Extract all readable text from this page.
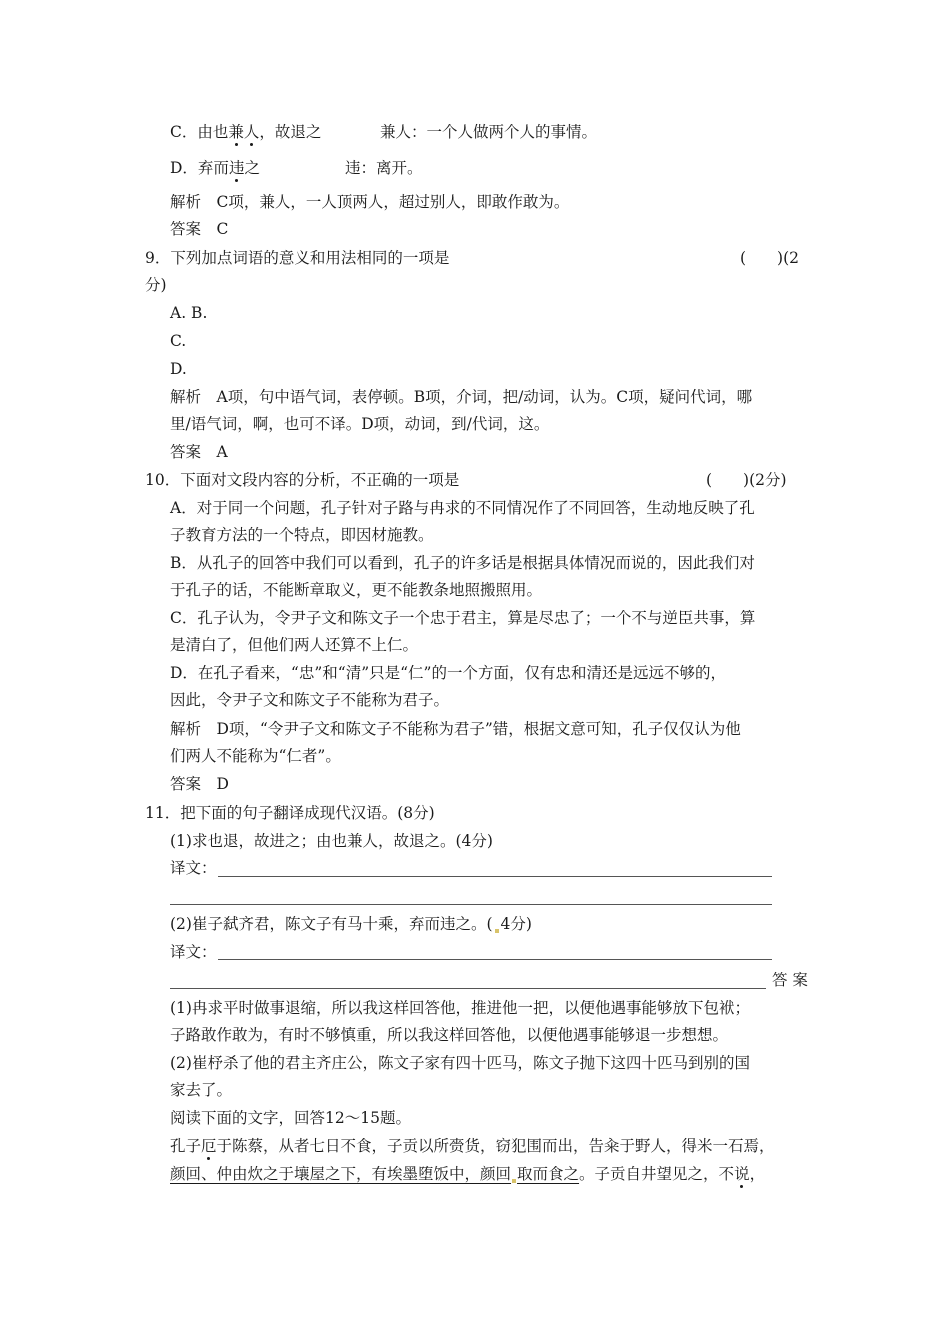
C．由也兼人，故退之	兼人：一个人做两个人的事情。
D．弃而违之	违：离开。
解析　C项，兼人，一人顶两人，超过别人，即敢作敢为。
答案　C
9．下列加点词语的意义和用法相同的一项是	(　　)(2
分)
A. B.
C.
D.
解析　A项，句中语气词，表停顿。B项，介词，把/动词，认为。C项，疑问代词，哪
里/语气词，啊，也可不译。D项，动词，到/代词，这。
答案　A
10．下面对文段内容的分析，不正确的一项是	(　　)(2分)
A．对于同一个问题，孔子针对子路与冉求的不同情况作了不同回答，生动地反映了孔
子教育方法的一个特点，即因材施教。
B．从孔子的回答中我们可以看到，孔子的许多话是根据具体情况而说的，因此我们对
于孔子的话，不能断章取义，更不能教条地照搬照用。
C．孔子认为，令尹子文和陈文子一个忠于君主，算是尽忠了；一个不与逆臣共事，算
是清白了，但他们两人还算不上仁。
D．在孔子看来，“忠”和“清”只是“仁”的一个方面，仅有忠和清还是远远不够的，
因此，令尹子文和陈文子不能称为君子。
解析　D项，“令尹子文和陈文子不能称为君子”错，根据文意可知，孔子仅仅认为他
们两人不能称为“仁者”。
答案　D
11．把下面的句子翻译成现代汉语。(8分)
(1)求也退，故进之；由也兼人，故退之。(4分)
译文：
(2)崔子弑齐君，陈文子有马十乘，弃而违之。( 4分)
译文：
答 案
(1)冉求平时做事退缩，所以我这样回答他，推进他一把，以便他遇事能够放下包袱；
子路敢作敢为，有时不够慎重，所以我这样回答他，以便他遇事能够退一步想想。
(2)崔杼杀了他的君主齐庄公，陈文子家有四十匹马，陈文子抛下这四十匹马到别的国
家去了。
阅读下面的文字，回答12～15题。
孔子厄于陈蔡，从者七日不食，子贡以所赍货，窃犯围而出，告籴于野人，得米一石焉，
颜回、仲由炊之于壤屋之下，有埃墨堕饭中，颜回 取而食之。子贡自井望见之，不说，
